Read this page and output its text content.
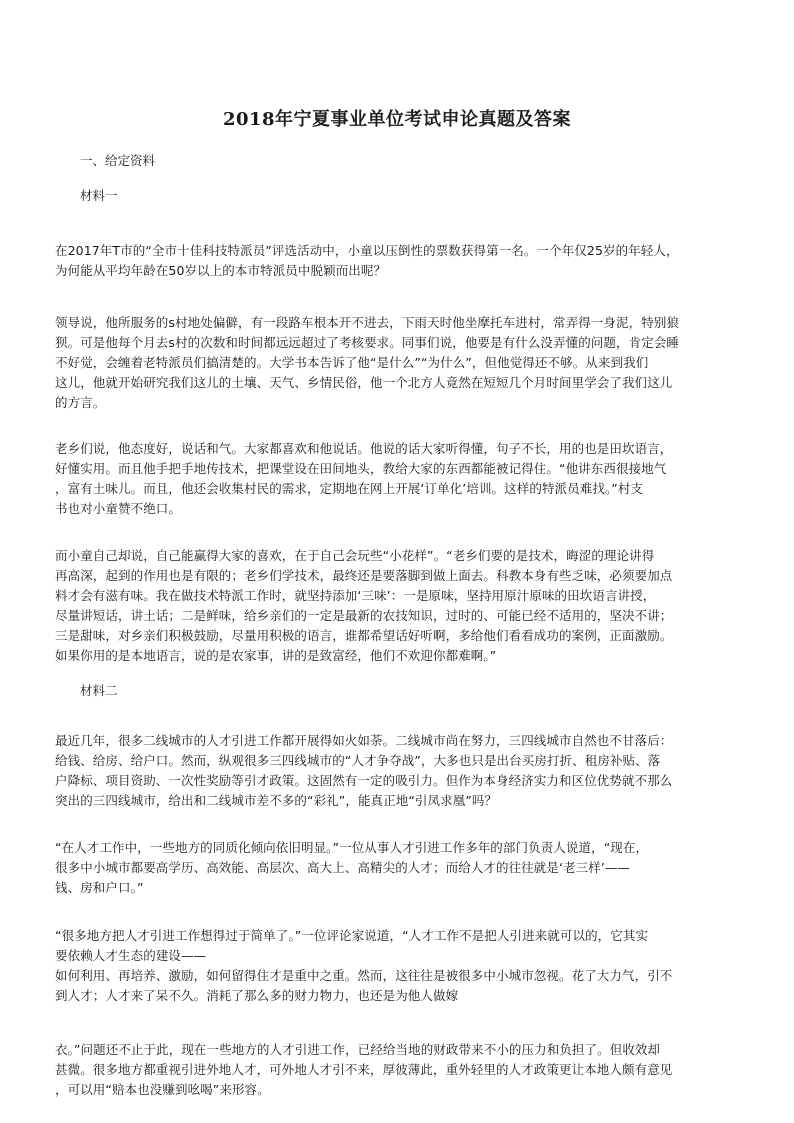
2018年宁夏事业单位考试申论真题及答案
一、给定资料
材料一
在2017年T市的“全市十佳科技特派员”评选活动中，小童以压倒性的票数获得第一名。一个年仅25岁的年轻人，
为何能从平均年龄在50岁以上的本市特派员中脱颖而出呢？
领导说，他所服务的s村地处偏僻，有一段路车根本开不进去，下雨天时他坐摩托车进村，常弄得一身泥，特别狼
狈。可是他每个月去s村的次数和时间都远远超过了考核要求。同事们说，他要是有什么没弄懂的问题，肯定会睡
不好觉，会缠着老特派员们搞清楚的。大学书本告诉了他“是什么”“为什么”，但他觉得还不够。从来到我们
这儿，他就开始研究我们这儿的土壤、天气、乡情民俗，他一个北方人竟然在短短几个月时间里学会了我们这儿
的方言。
老乡们说，他态度好，说话和气。大家都喜欢和他说话。他说的话大家听得懂，句子不长，用的也是田坎语言，
好懂实用。而且他手把手地传技术，把课堂设在田间地头，教给大家的东西都能被记得住。“他讲东西很接地气
，富有土味儿。而且，他还会收集村民的需求，定期地在网上开展‘订单化’培训。这样的特派员难找。”村支
书也对小童赞不绝口。
而小童自己却说，自己能赢得大家的喜欢，在于自己会玩些“小花样”。“老乡们要的是技术，晦涩的理论讲得
再高深，起到的作用也是有限的；老乡们学技术，最终还是要落脚到做上面去。科教本身有些乏味，必须要加点
料才会有滋有味。我在做技术特派工作时，就坚持添加‘三味’：一是原味，坚持用原汁原味的田坎语言讲授，
尽量讲短话，讲土话；二是鲜味，给乡亲们的一定是最新的农技知识，过时的、可能已经不适用的，坚决不讲；
三是甜味，对乡亲们积极鼓励，尽量用积极的语言，谁都希望话好听啊，多给他们看看成功的案例，正面激励。
如果你用的是本地语言，说的是农家事，讲的是致富经，他们不欢迎你都难啊。”
材料二
最近几年，很多二线城市的人才引进工作都开展得如火如荼。二线城市尚在努力，三四线城市自然也不甘落后：
给钱、给房、给户口。然而，纵观很多三四线城市的“人才争夺战”，大多也只是出台买房打折、租房补贴、落
户降标、项目资助、一次性奖励等引才政策。这固然有一定的吸引力。但作为本身经济实力和区位优势就不那么
突出的三四线城市，给出和二线城市差不多的“彩礼”，能真正地“引凤求凰”吗？
“在人才工作中，一些地方的同质化倾向依旧明显。”一位从事人才引进工作多年的部门负责人说道，“现在，
很多中小城市都要高学历、高效能、高层次、高大上、高精尖的人才；而给人才的往往就是‘老三样’——
钱、房和户口。”
“很多地方把人才引进工作想得过于简单了。”一位评论家说道，“人才工作不是把人引进来就可以的，它其实
要依赖人才生态的建设——
如何利用、再培养、激励，如何留得住才是重中之重。然而，这往往是被很多中小城市忽视。花了大力气，引不
到人才；人才来了呆不久。消耗了那么多的财力物力，也还是为他人做嫁
衣。”问题还不止于此，现在一些地方的人才引进工作，已经给当地的财政带来不小的压力和负担了。但收效却
甚微。很多地方都重视引进外地人才，可外地人才引不来，厚彼薄此，重外轻里的人才政策更让本地人颇有意见
，可以用“赔本也没赚到吆喝”来形容。
